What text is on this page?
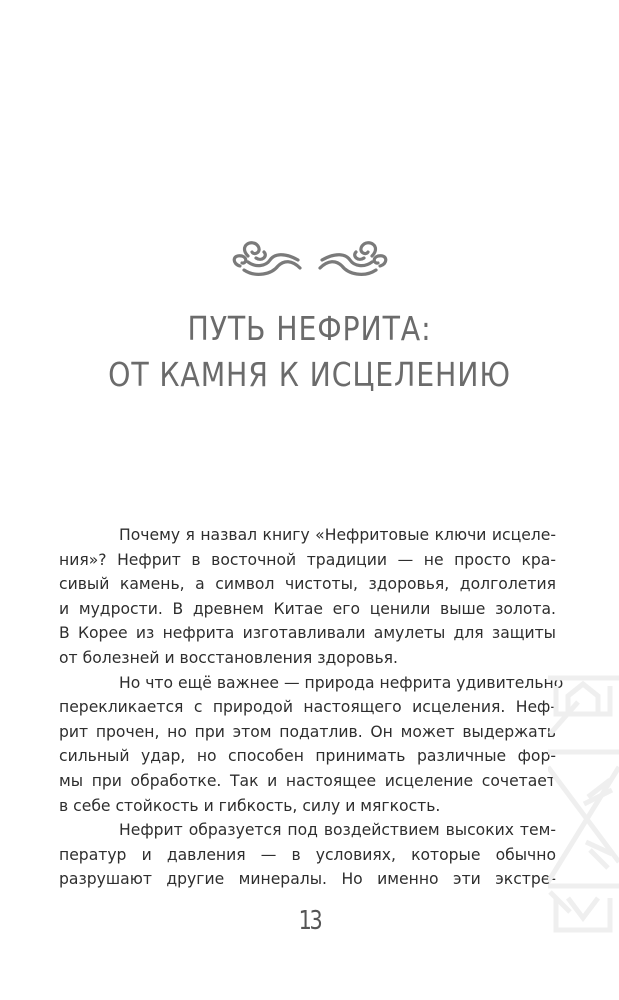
ПУТЬ НЕФРИТА:
ОТ КАМНЯ К ИСЦЕЛЕНИЮ
Почему я назвал книгу «Нефритовые ключи исцеле-
ния»? Нефрит в восточной традиции — не просто кра-
сивый камень, а символ чистоты, здоровья, долголетия
и мудрости. В древнем Китае его ценили выше золота.
В Корее из нефрита изготавливали амулеты для защиты
от болезней и восстановления здоровья.
Но что ещё важнее — природа нефрита удивительно
перекликается с природой настоящего исцеления. Неф-
рит прочен, но при этом податлив. Он может выдержать
сильный удар, но способен принимать различные фор-
мы при обработке. Так и настоящее исцеление сочетает
в себе стойкость и гибкость, силу и мягкость.
Нефрит образуется под воздействием высоких тем-
ператур и давления — в условиях, которые обычно
разрушают другие минералы. Но именно эти экстре-
13
